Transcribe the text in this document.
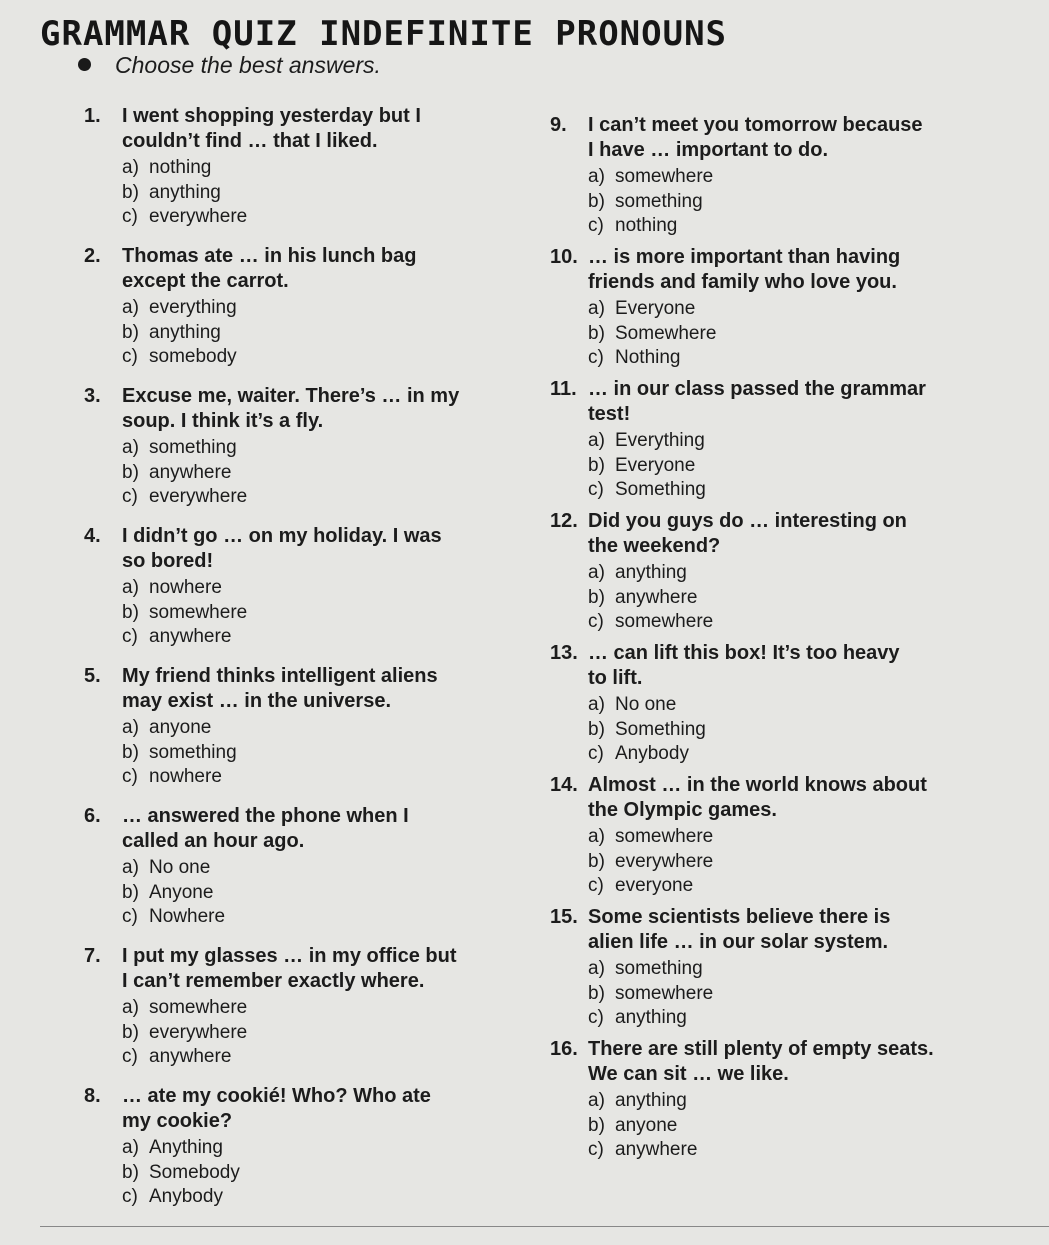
GRAMMAR QUIZ INDEFINITE PRONOUNS
Choose the best answers.
1.	I went shopping yesterday but I
couldn’t find … that I liked.
a) nothing
b) anything
c) everywhere
2.	Thomas ate … in his lunch bag
except the carrot.
a) everything
b) anything
c) somebody
3.	Excuse me, waiter. There’s … in my
soup. I think it’s a fly.
a) something
b) anywhere
c) everywhere
4.	I didn’t go … on my holiday. I was
so bored!
a) nowhere
b) somewhere
c) anywhere
5.	My friend thinks intelligent aliens
may exist … in the universe.
a) anyone
b) something
c) nowhere
6.	… answered the phone when I
called an hour ago.
a) No one
b) Anyone
c) Nowhere
7.	I put my glasses … in my office but
I can’t remember exactly where.
a) somewhere
b) everywhere
c) anywhere
8.	… ate my cookié! Who? Who ate
my cookie?
a) Anything
b) Somebody
c) Anybody
9.	I can’t meet you tomorrow because
I have … important to do.
a) somewhere
b) something
c) nothing
10. … is more important than having
friends and family who love you.
a) Everyone
b) Somewhere
c) Nothing
11. … in our class passed the grammar
test!
a) Everything
b) Everyone
c) Something
12. Did you guys do … interesting on
the weekend?
a) anything
b) anywhere
c) somewhere
13. … can lift this box! It’s too heavy
to lift.
a) No one
b) Something
c) Anybody
14. Almost … in the world knows about
the Olympic games.
a) somewhere
b) everywhere
c) everyone
15. Some scientists believe there is
alien life … in our solar system.
a) something
b) somewhere
c) anything
16. There are still plenty of empty seats.
We can sit … we like.
a) anything
b) anyone
c) anywhere
